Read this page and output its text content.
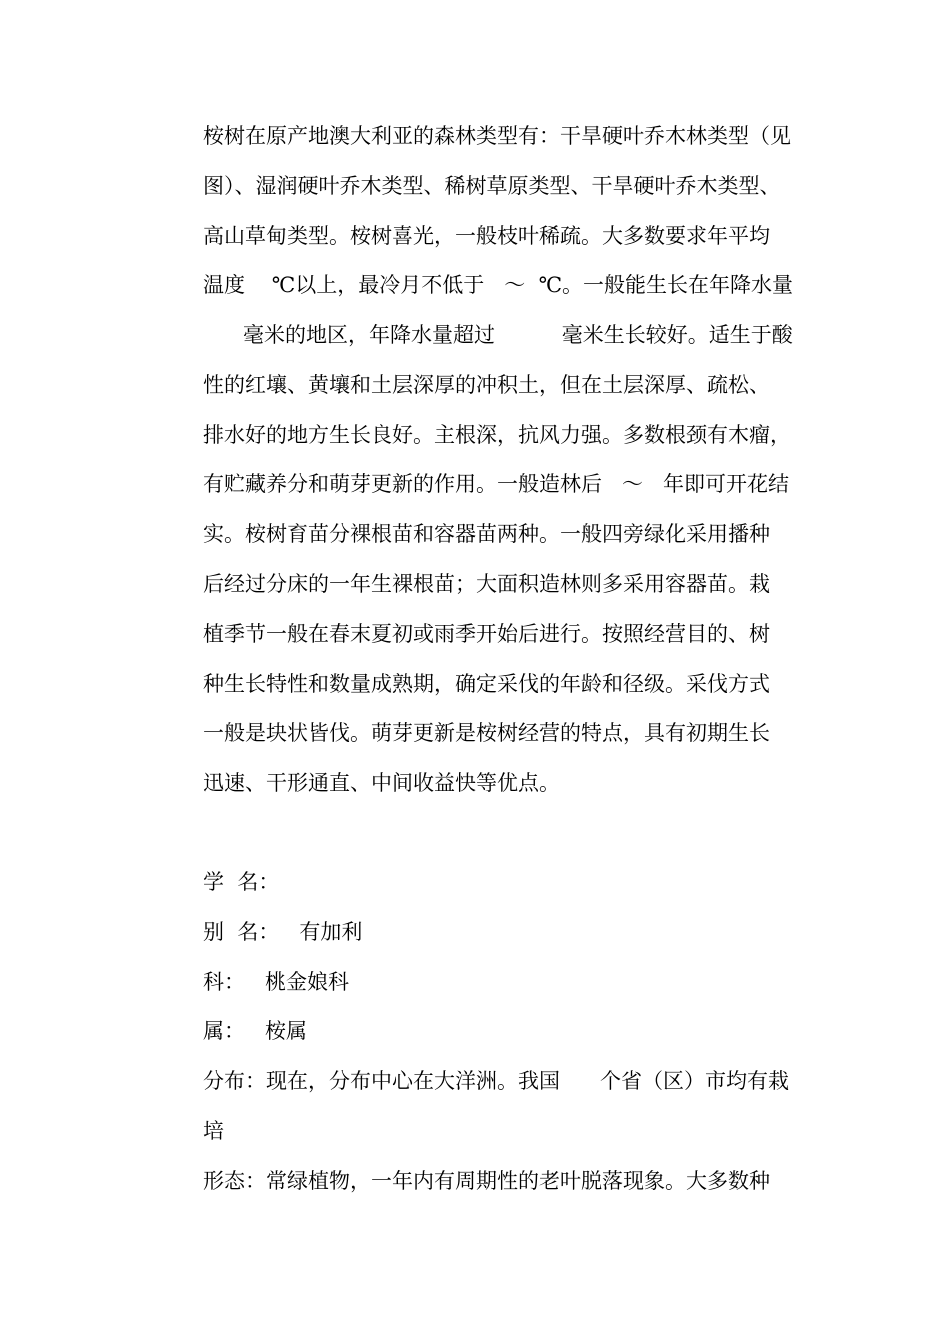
桉树在原产地澳大利亚的森林类型有：干旱硬叶乔木林类型（见
图）、湿润硬叶乔木类型、稀树草原类型、干旱硬叶乔木类型、
高山草甸类型。桉树喜光，一般枝叶稀疏。大多数要求年平均
温度    ℃以上，最冷月不低于   ～  ℃。一般能生长在年降水量
毫米的地区，年降水量超过          毫米生长较好。适生于酸
性的红壤、黄壤和土层深厚的冲积土，但在土层深厚、疏松、
排水好的地方生长良好。主根深，抗风力强。多数根颈有木瘤，
有贮藏养分和萌芽更新的作用。一般造林后   ～   年即可开花结
实。桉树育苗分裸根苗和容器苗两种。一般四旁绿化采用播种
后经过分床的一年生裸根苗；大面积造林则多采用容器苗。栽
植季节一般在春末夏初或雨季开始后进行。按照经营目的、树
种生长特性和数量成熟期，确定采伐的年龄和径级。采伐方式
一般是块状皆伐。萌芽更新是桉树经营的特点，具有初期生长
迅速、干形通直、中间收益快等优点。
学  名：
别  名：   有加利
科：   桃金娘科
属：   桉属
分布：现在，分布中心在大洋洲。我国      个省（区）市均有栽
培
形态：常绿植物，一年内有周期性的老叶脱落现象。大多数种
